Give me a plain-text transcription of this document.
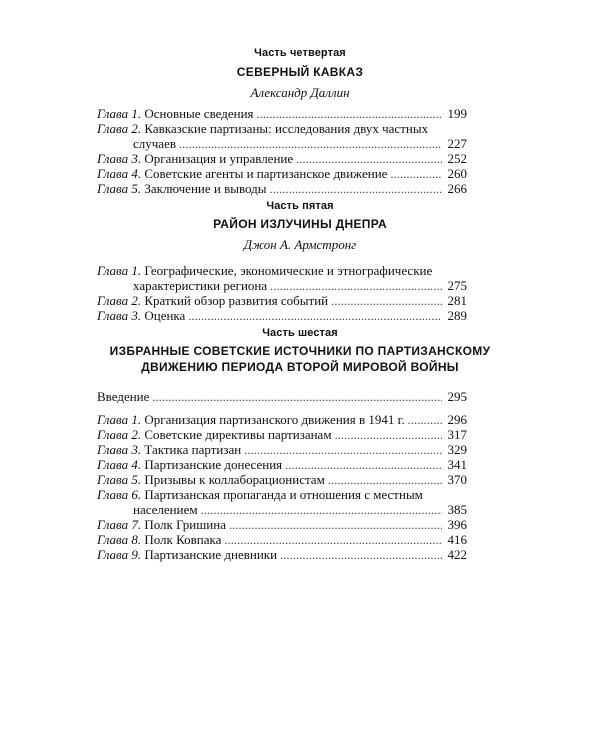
Часть четвертая
СЕВЕРНЫЙ КАВКАЗ
Александр Даллин
Глава 1. Основные сведения .....	199
Глава 2. Кавказские партизаны: исследования двух частных
случаев .....	227
Глава 3. Организация и управление .....	252
Глава 4. Советские агенты и партизанское движение .....	260
Глава 5. Заключение и выводы .....	266
Часть пятая
РАЙОН ИЗЛУЧИНЫ ДНЕПРА
Джон А. Армстронг
Глава 1. Географические, экономические и этнографические
характеристики региона .....	275
Глава 2. Краткий обзор развития событий .....	281
Глава 3. Оценка .....	289
Часть шестая
ИЗБРАННЫЕ СОВЕТСКИЕ ИСТОЧНИКИ ПО ПАРТИЗАНСКОМУ
ДВИЖЕНИЮ ПЕРИОДА ВТОРОЙ МИРОВОЙ ВОЙНЫ
Введение .....	295
Глава 1. Организация партизанского движения в 1941 г. .....	296
Глава 2. Советские директивы партизанам .....	317
Глава 3. Тактика партизан .....	329
Глава 4. Партизанские донесения .....	341
Глава 5. Призывы к коллаборационистам .....	370
Глава 6. Партизанская пропаганда и отношения с местным
населением .....	385
Глава 7. Полк Гришина .....	396
Глава 8. Полк Ковпака .....	416
Глава 9. Партизанские дневники .....	422
